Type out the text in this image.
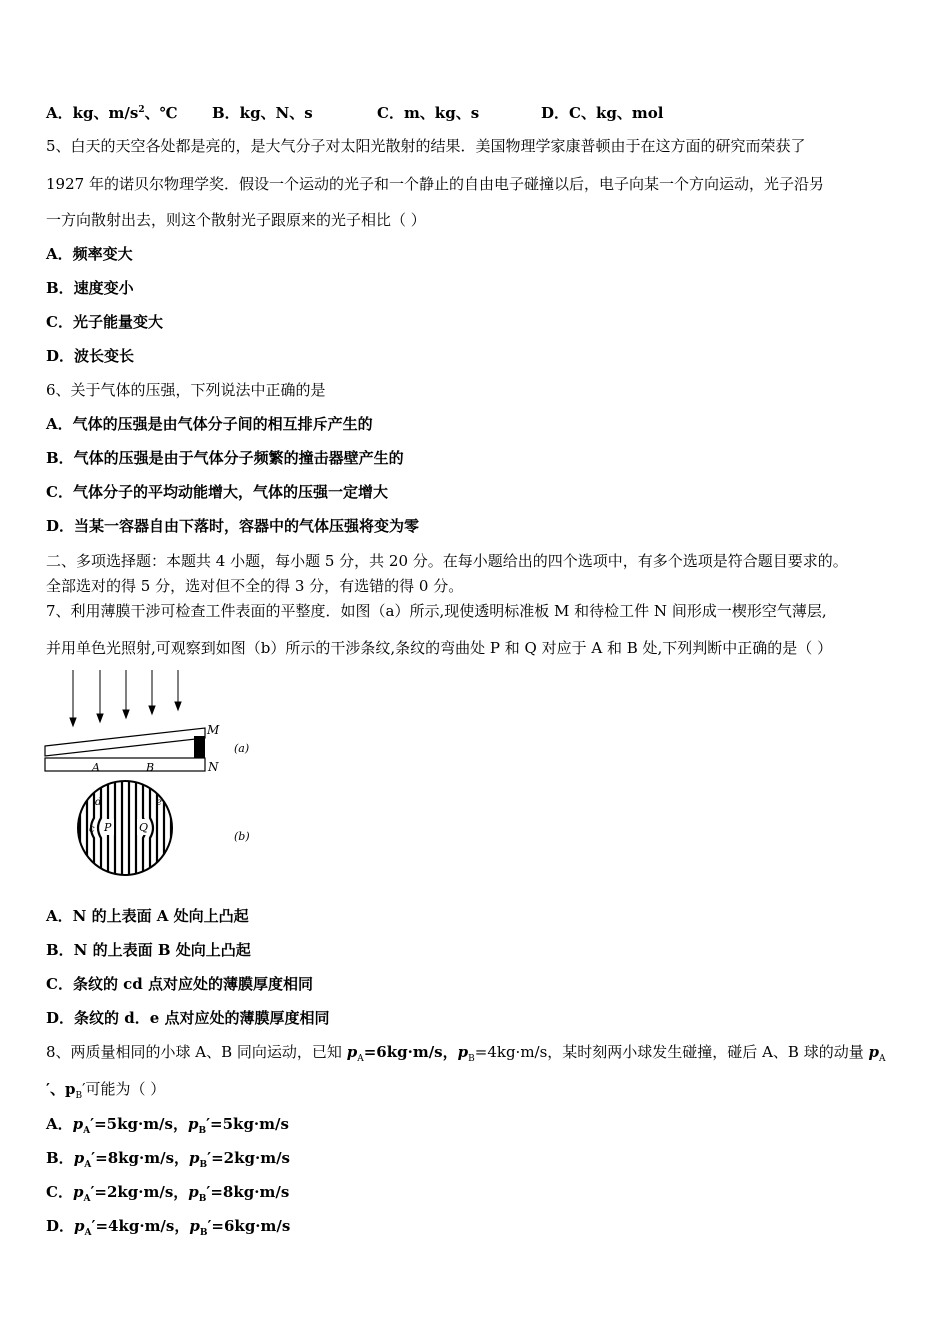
A．kg、$m/s^2$、℃ B．kg、N、s	C．m、kg、s	D．C、kg、mol
5、白天的天空各处都是亮的，是大气分子对太阳光散射的结果．美国物理学家康普顿由于在这方面的研究而荣获了
1927 年的诺贝尔物理学奖．假设一个运动的光子和一个静止的自由电子碰撞以后，电子向某一个方向运动，光子沿另
一方向散射出去，则这个散射光子跟原来的光子相比（ ）
A．频率变大
B．速度变小
C．光子能量变大
D．波长变长
6、关于气体的压强，下列说法中正确的是
A．气体的压强是由气体分子间的相互排斥产生的
B．气体的压强是由于气体分子频繁的撞击器壁产生的
C．气体分子的平均动能增大，气体的压强一定增大
D．当某一容器自由下落时，容器中的气体压强将变为零
二、多项选择题：本题共 4 小题，每小题 5 分，共 20 分。在每小题给出的四个选项中，有多个选项是符合题目要求的。
全部选对的得 5 分，选对但不全的得 3 分，有选错的得 0 分。
7、利用薄膜干涉可检查工件表面的平整度．如图（a）所示,现使透明标准板 M 和待检工件 N 间形成一楔形空气薄层,
并用单色光照射,可观察到如图（b）所示的干涉条纹,条纹的弯曲处 P 和 Q 对应于 A 和 B 处,下列判断中正确的是（ ）
M
N
A	B
(a)
P	Q
c
d	e
(b)
A．N 的上表面 A 处向上凸起
B．N 的上表面 B 处向上凸起
C．条纹的 cd 点对应处的薄膜厚度相同
D．条纹的 d．e 点对应处的薄膜厚度相同
8、两质量相同的小球 A、B 同向运动，已知 $p_A=6kg\cdot m/s$，$p_B=4kg\cdot m/s$，某时刻两小球发生碰撞，碰后 A、B 球的动量 $p_A$
′、$p_B'$可能为（ ）
A．$p_A'=5kg\cdot m/s$，$p_B'=5kg\cdot m/s$
B．$p_A'=8kg\cdot m/s$，$p_B'=2kg\cdot m/s$
C．$p_A'=2kg\cdot m/s$，$p_B'=8kg\cdot m/s$
D．$p_A'=4kg\cdot m/s$，$p_B'=6kg\cdot m/s$
